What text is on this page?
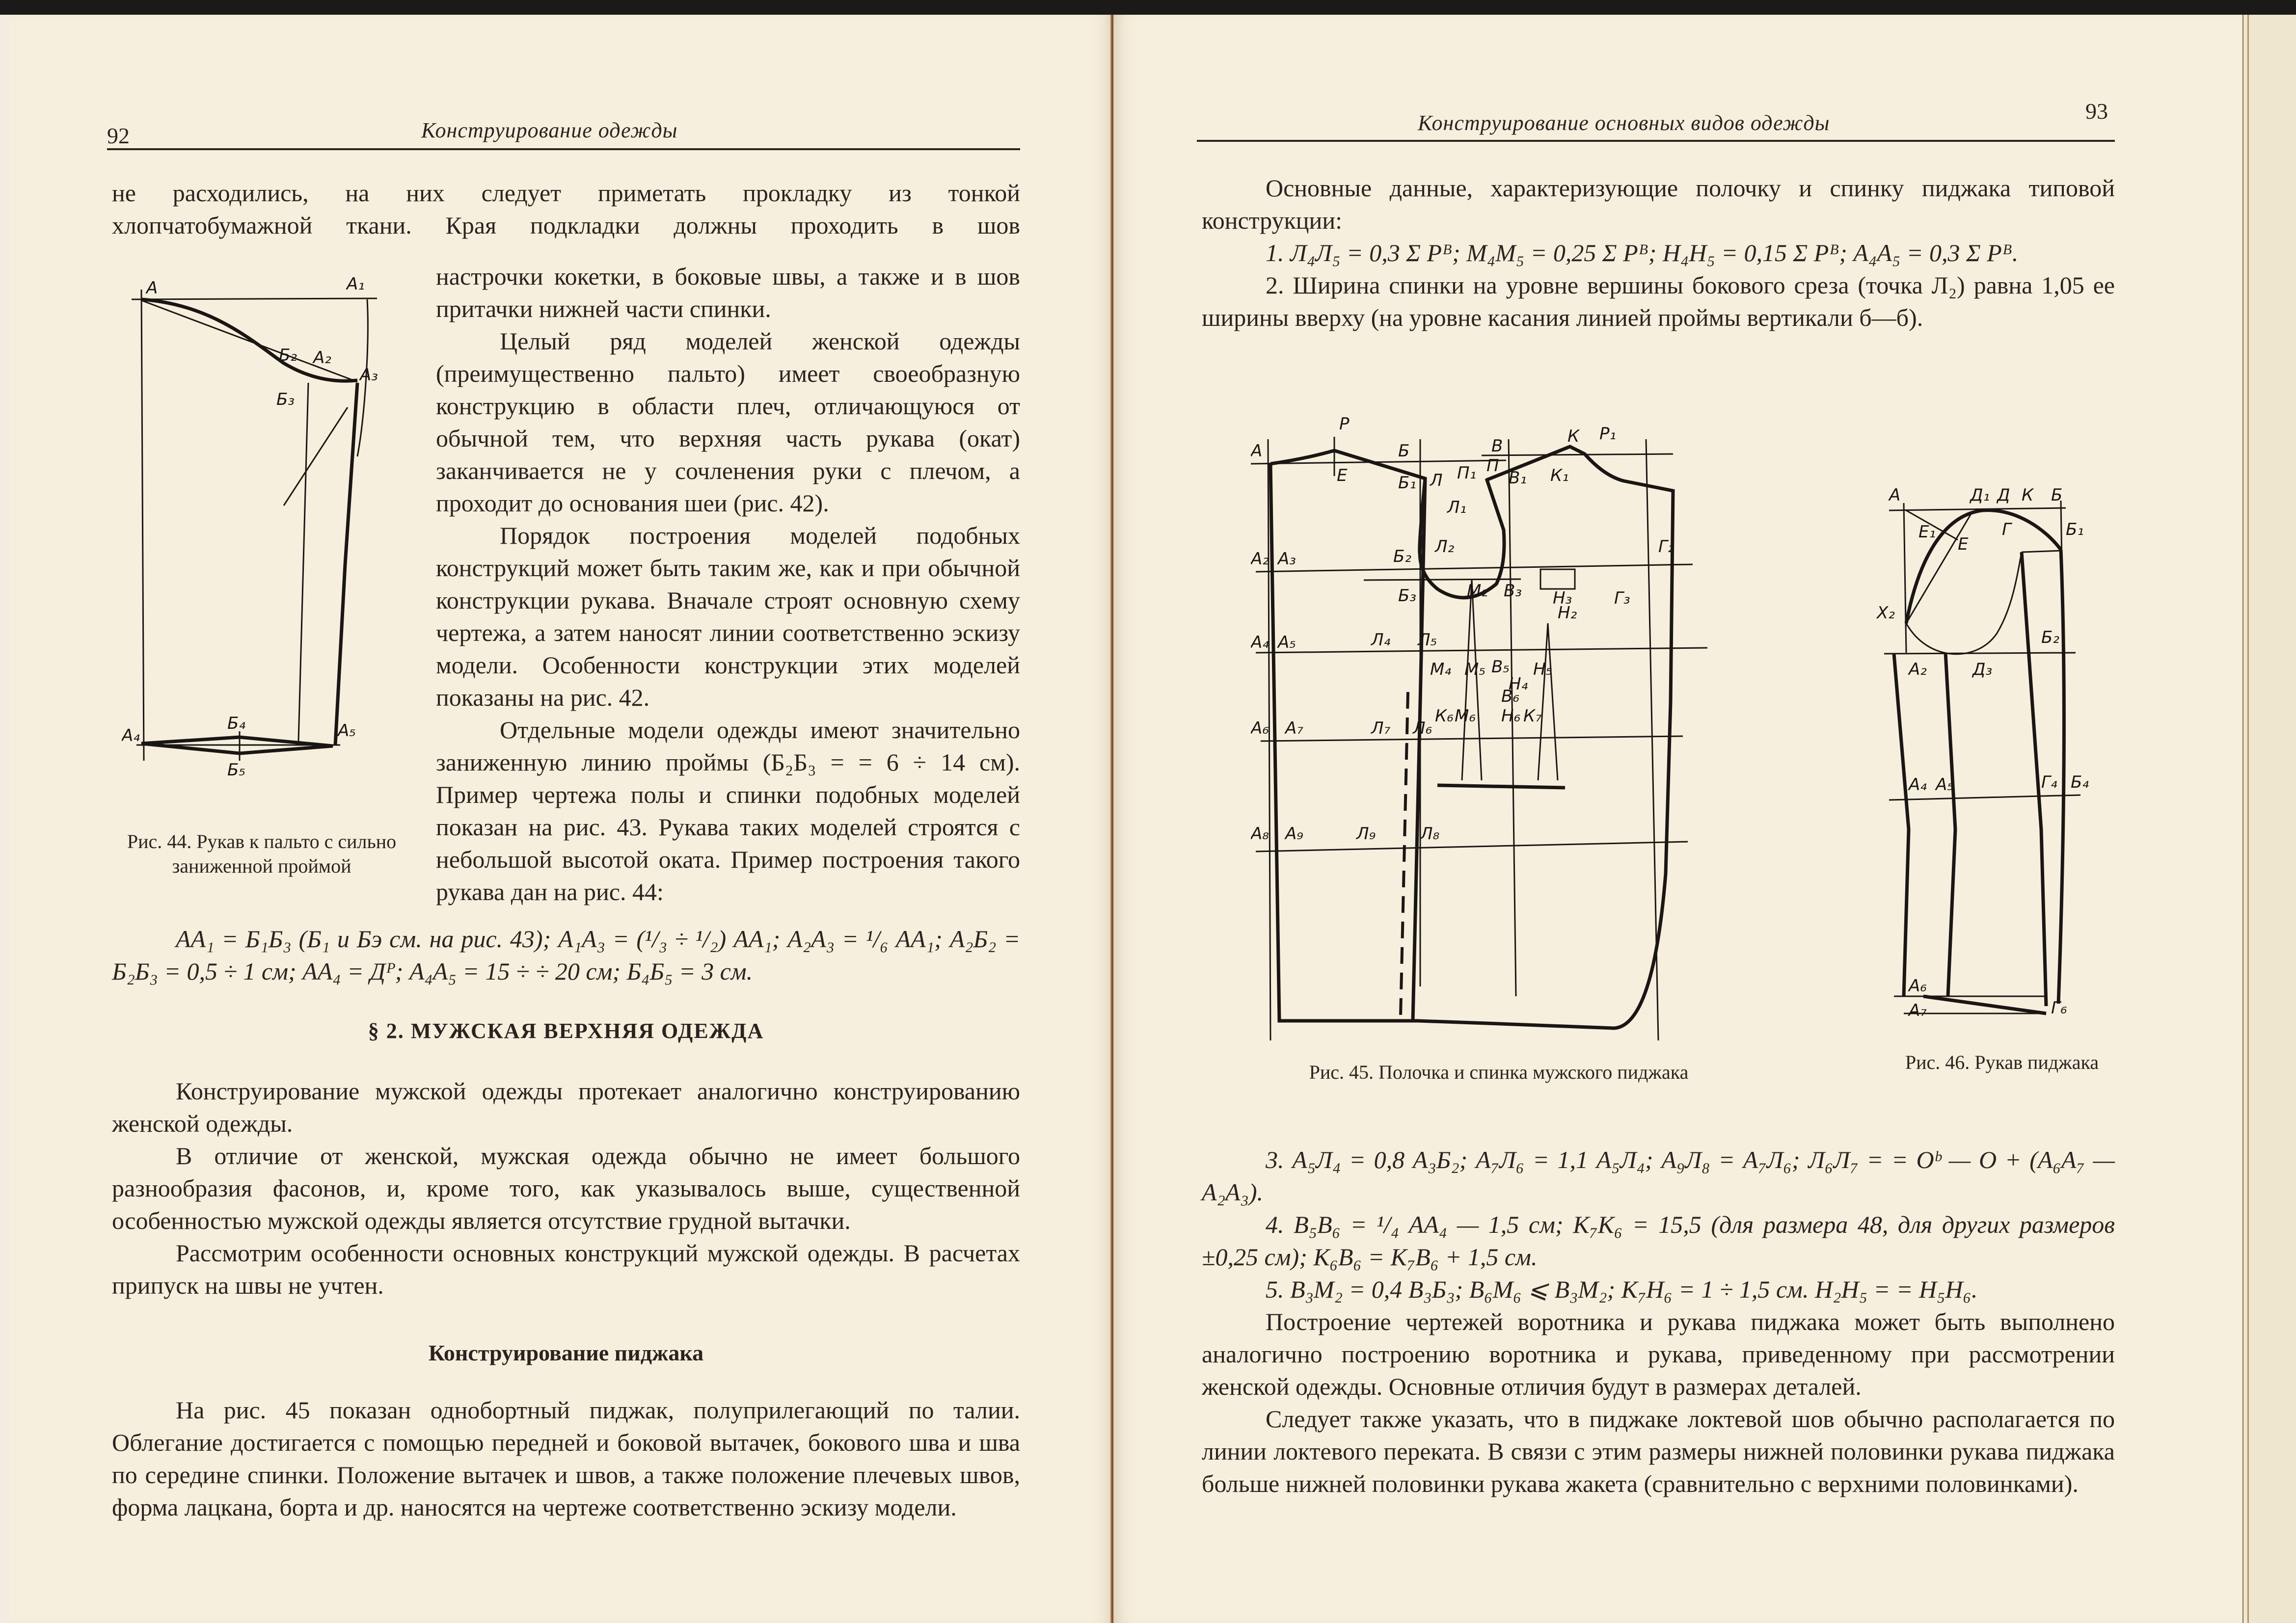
92	Конструирование одежды

не расходились, на них следует приметать прокладку из тонкой

хлопчатобумажной ткани. Края подкладки должны проходить в шов

А	А₁
Б₂ А₂
А₃
Б₃
А₄
Б₄
Б₅
А₅
Рис. 44. Рукав к пальто с сильно заниженной проймой

настрочки кокетки, в боковые швы, а также и в шов притачки нижней части спинки.

Целый ряд моделей женской одежды (преимущественно пальто) имеет своеобразную конструкцию в области плеч, отличающуюся от обычной тем, что верхняя часть рукава (окат) заканчивается не у сочленения руки с плечом, а проходит до основания шеи (рис. 42).

Порядок построения моделей подобных конструкций может быть таким же, как и при обычной конструкции рукава. Вначале строят основную схему чертежа, а затем наносят линии соответственно эскизу модели. Особенности конструкции этих моделей показаны на рис. 42.

Отдельные модели одежды имеют значительно заниженную линию проймы (Б₂Б₃ = = 6 ÷ 14 см). Пример чертежа полы и спинки подобных моделей показан на рис. 43. Рукава таких моделей строятся с небольшой высотой оката. Пример построения такого рукава дан на рис. 44:

АА₁ = Б₁Б₃ (Б₁ и Бэ см. на рис. 43); А₁А₃ = (¹/₃ ÷ ¹/₂) АА₁; А₂А₃ = ¹/₆ АА₁; А₂Б₂ = Б₂Б₃ = 0,5 ÷ 1 см; АА₄ = Дᴾ; А₄А₅ = 15 ÷ ÷ 20 см; Б₄Б₅ = 3 см.
§ 2. МУЖСКАЯ ВЕРХНЯЯ ОДЕЖДА

Конструирование мужской одежды протекает аналогично конструированию женской одежды.

В отличие от женской, мужская одежда обычно не имеет большого разнообразия фасонов, и, кроме того, как указывалось выше, существенной особенностью мужской одежды является отсутствие грудной вытачки.

Рассмотрим особенности основных конструкций мужской одежды. В расчетах припуск на швы не учтен.

Конструирование пиджака

На рис. 45 показан однобортный пиджак, полуприлегающий по талии. Облегание достигается с помощью передней и боковой вытачек, бокового шва и шва по середине спинки. Положение вытачек и швов, а также положение плечевых швов, форма лацкана, борта и др. наносятся на чертеже соответственно эскизу модели.

Конструирование основных видов одежды	93

Основные данные, характеризующие полочку и спинку пиджака типовой конструкции:

1. Л₄Л₅ = 0,3 Σ Pᴮ; M₄M₅ = 0,25 Σ Pᴮ; H₄H₅ = 0,15 Σ Pᴮ; А₄А₅ = 0,3 Σ Pᴮ.

2. Ширина спинки на уровне вершины бокового среза (точка Л₂) равна 1,05 ее ширины вверху (на уровне касания линией проймы вертикали б—б).

Р
А	Б	В	К Р₁
Е	Б₁ Л
П
П₁ В₁ К₁
Л₁
А₂ А₃	Б₂ Л₂	Г₂
Б₃	М₂ В₃ Н₃	Г₃
Н₂
А₄ А₅	Л₄ Л₅
М₄ М₅ В₅ Н₅
Н₄
В₆
К₆ М₆ Н₆ К₇
А₆ А₇	Л₇ Л₆
А₈ А₉	Л₉	Л₈
Рис. 45. Полочка и спинка мужского пиджака
А	Д₁ Д К Б
Е₁
Е
Г	Б₁
Х₂
Б₂
Д₃
А₂
А₄ А₅	Г₄ Б₄
А₆
А₇	Г₆
Рис. 46. Рукав пиджака

3. А₅Л₄ = 0,8 А₃Б₂; А₇Л₆ = 1,1 А₅Л₄; А₉Л₈ = А₇Л₆; Л₆Л₇ = = Oᵇ — O + (А₆А₇ — А₂А₃).

4. В₅В₆ = ¹/₄ АА₄ — 1,5 см; К₇К₆ = 15,5 (для размера 48, для других размеров ±0,25 см); К₆В₆ = К₇В₆ + 1,5 см.

5. В₃М₂ = 0,4 В₃Б₃; В₆М₆ ⩽ В₃М₂; К₇Н₆ = 1 ÷ 1,5 см. Н₂Н₅ = = Н₅Н₆.

Построение чертежей воротника и рукава пиджака может быть выполнено аналогично построению воротника и рукава, приведенному при рассмотрении женской одежды. Основные отличия будут в размерах деталей.

Следует также указать, что в пиджаке локтевой шов обычно располагается по линии локтевого переката. В связи с этим размеры нижней половинки рукава пиджака больше нижней половинки рукава жакета (сравнительно с верхними половинками).
